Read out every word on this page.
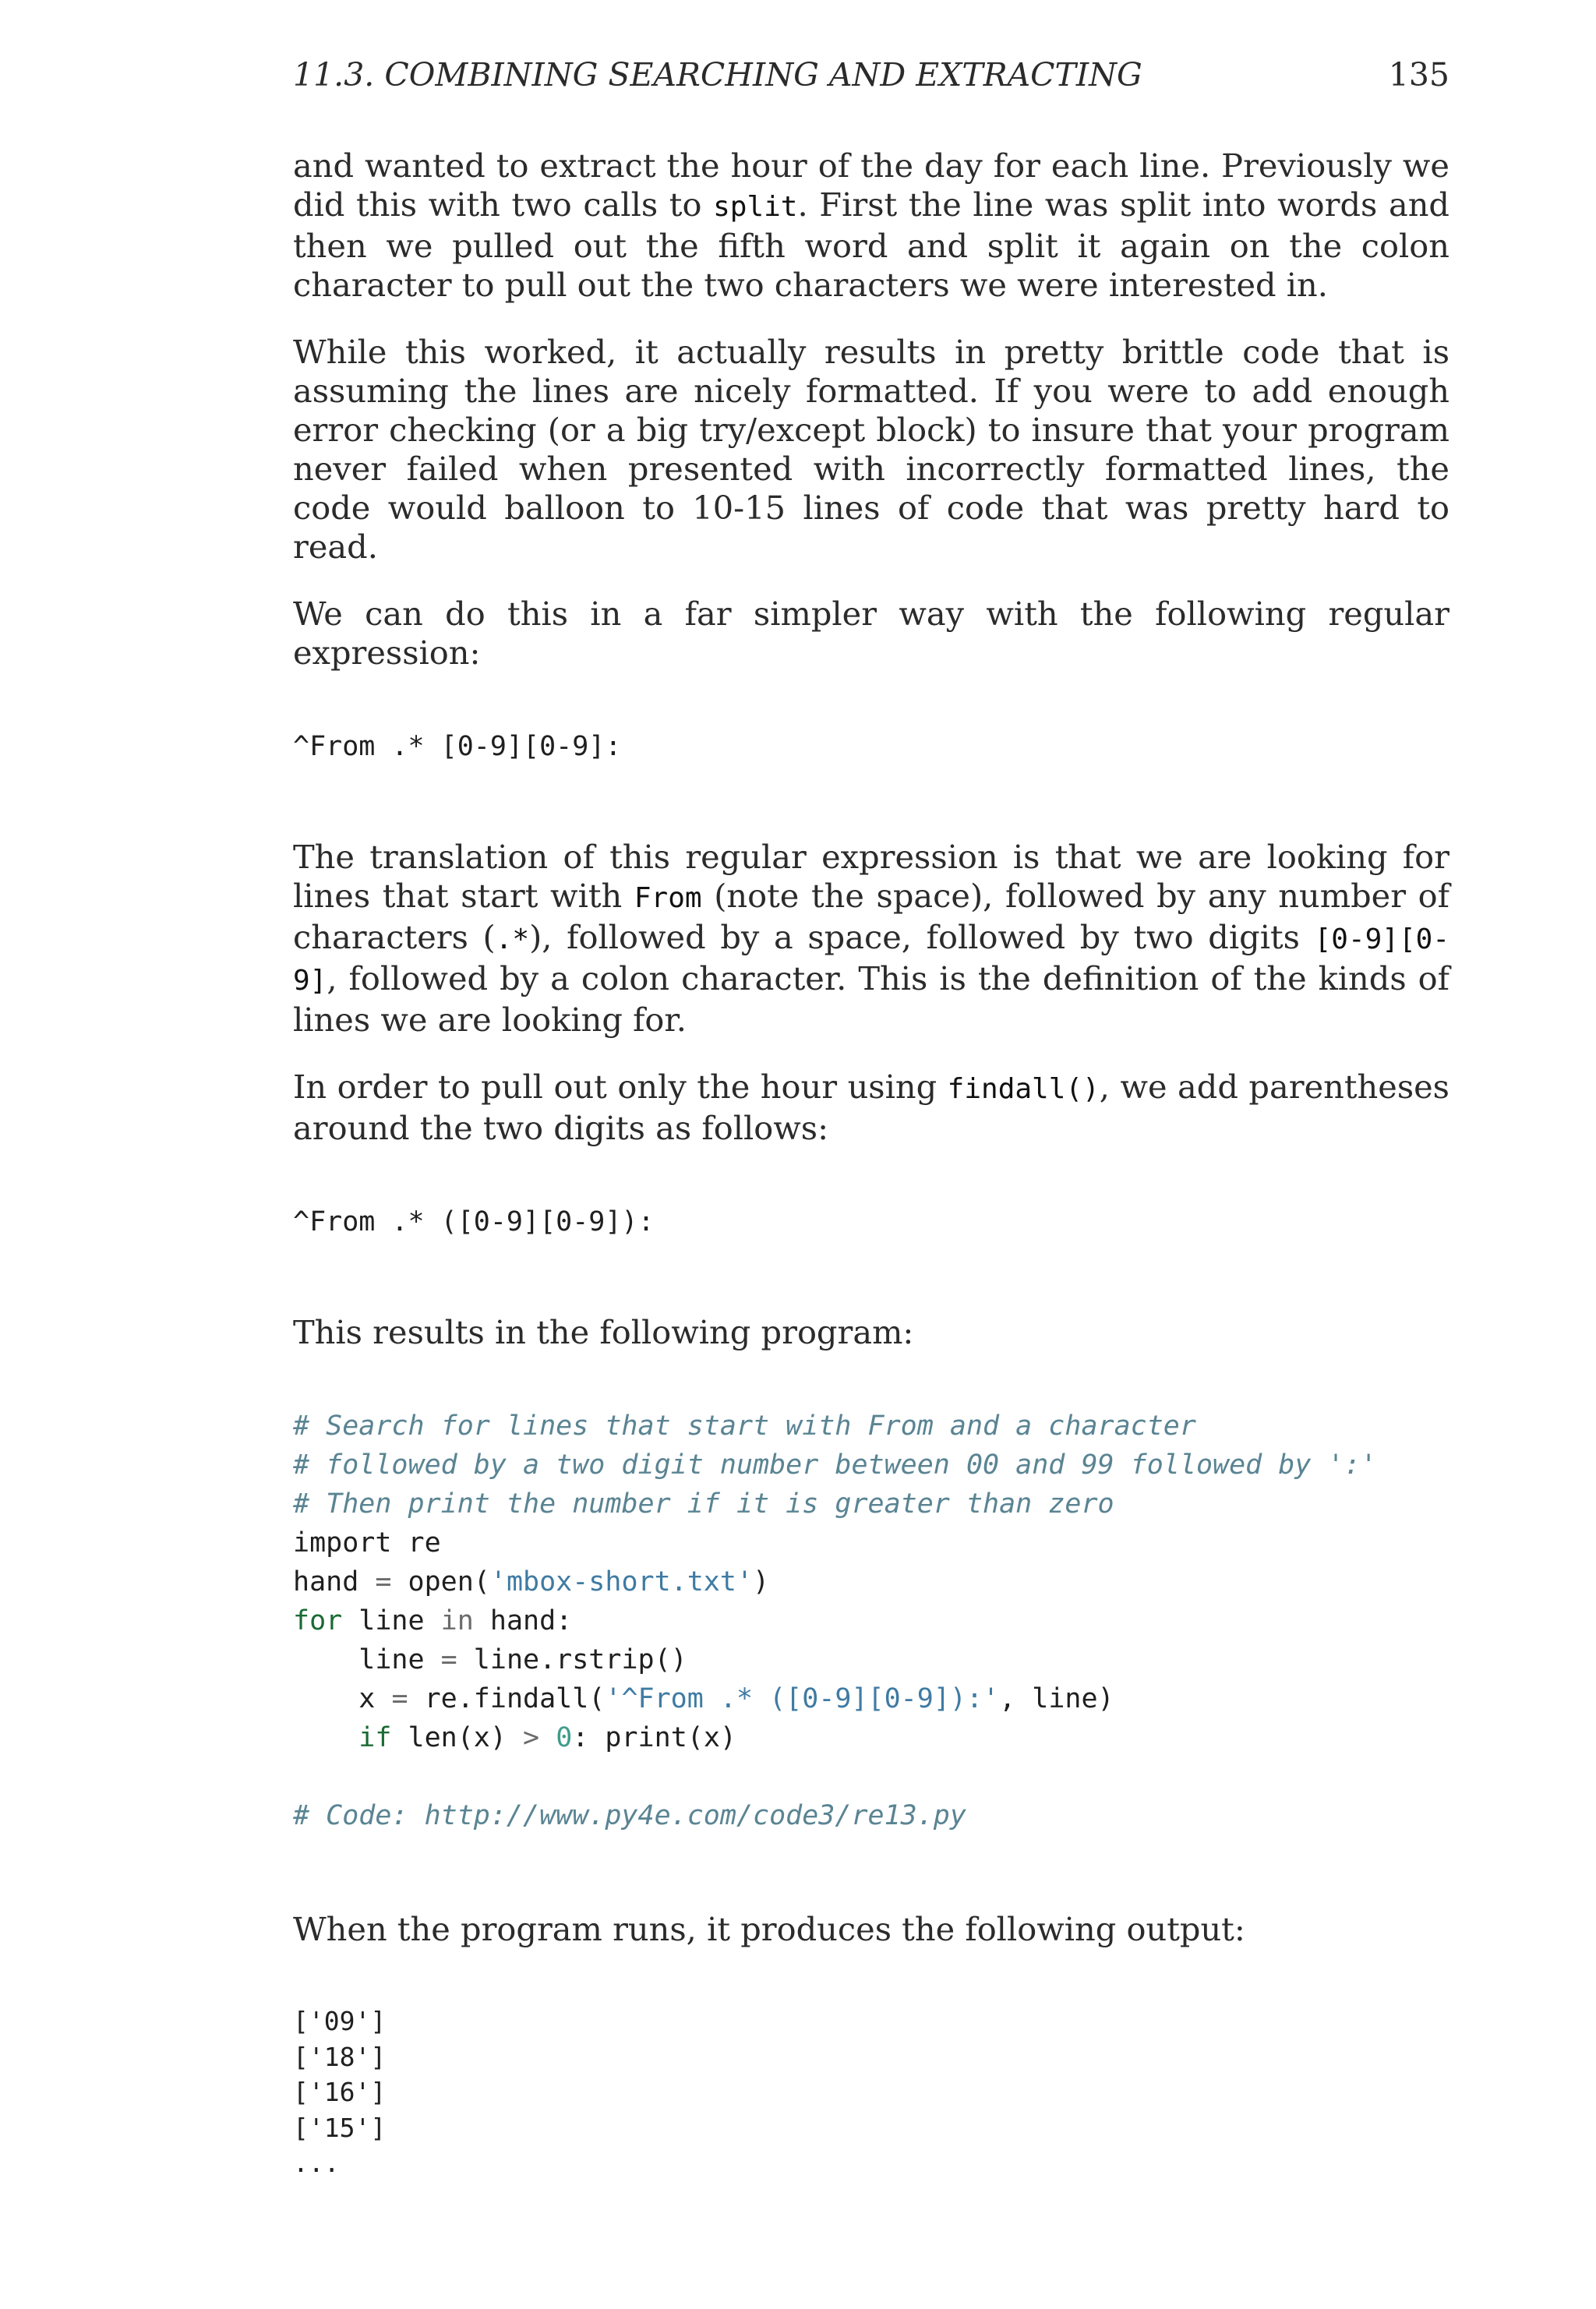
11.3. COMBINING SEARCHING AND EXTRACTING	135

and wanted to extract the hour of the day for each line. Previously we did this with two calls to split. First the line was split into words and then we pulled out the fifth word and split it again on the colon character to pull out the two characters we were interested in.

While this worked, it actually results in pretty brittle code that is assuming the lines are nicely formatted. If you were to add enough error checking (or a big try/except block) to insure that your program never failed when presented with incorrectly formatted lines, the code would balloon to 10-15 lines of code that was pretty hard to read.

We can do this in a far simpler way with the following regular expression:

^From .* [0-9][0-9]:

The translation of this regular expression is that we are looking for lines that start with From (note the space), followed by any number of characters (.*), followed by a space, followed by two digits [0-9][0-9], followed by a colon character. This is the definition of the kinds of lines we are looking for.

In order to pull out only the hour using findall(), we add parentheses around the two digits as follows:

^From .* ([0-9][0-9]):

This results in the following program:

# Search for lines that start with From and a character
# followed by a two digit number between 00 and 99 followed by ':'
# Then print the number if it is greater than zero
import re
hand = open('mbox-short.txt')
for line in hand:
line = line.rstrip()
x = re.findall('^From .* ([0-9][0-9]):', line)
if len(x) > 0: print(x)

# Code: http://www.py4e.com/code3/re13.py

When the program runs, it produces the following output:

['09']
['18']
['16']
['15']
...
